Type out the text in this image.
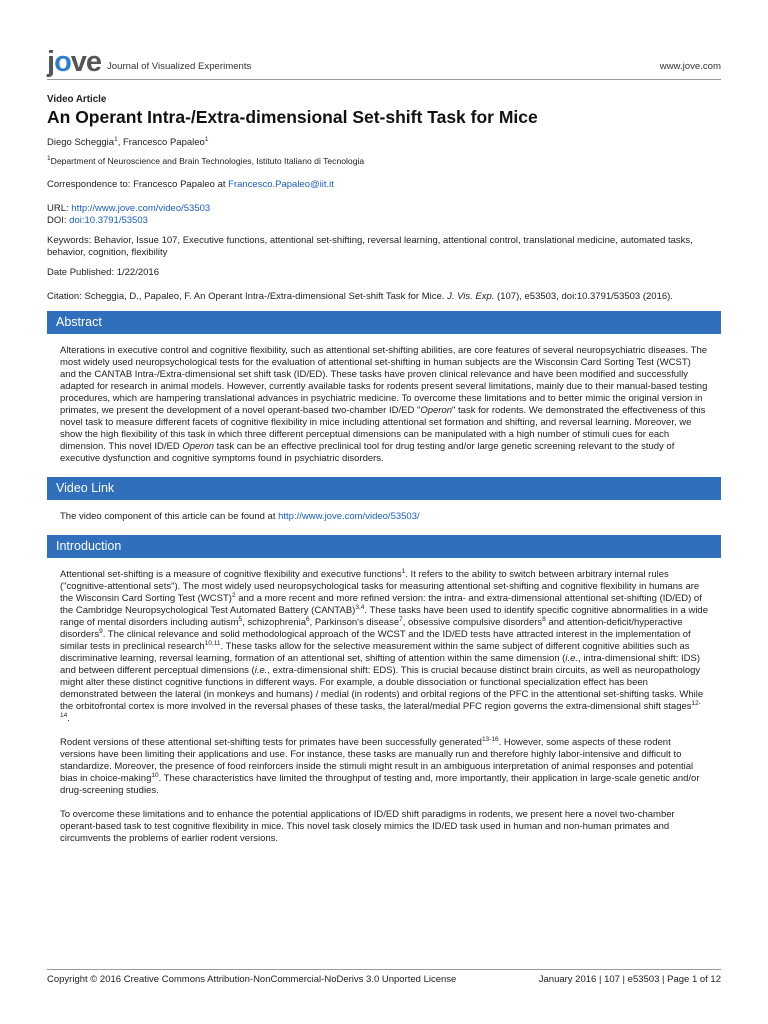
jove Journal of Visualized Experiments	www.jove.com
Video Article
An Operant Intra-/Extra-dimensional Set-shift Task for Mice

Diego Scheggia$^1$, Francesco Papaleo$^1$

$^1$Department of Neuroscience and Brain Technologies, Istituto Italiano di Tecnologia

Correspondence to: Francesco Papaleo at Francesco.Papaleo@iit.it

URL: http://www.jove.com/video/53503
DOI: doi:10.3791/53503

Keywords: Behavior, Issue 107, Executive functions, attentional set-shifting, reversal learning, attentional control, translational medicine, automated tasks, behavior, cognition, flexibility

Date Published: 1/22/2016

Citation: Scheggia, D., Papaleo, F. An Operant Intra-/Extra-dimensional Set-shift Task for Mice. J. Vis. Exp. (107), e53503, doi:10.3791/53503 (2016).

Abstract

Alterations in executive control and cognitive flexibility, such as attentional set-shifting abilities, are core features of several neuropsychiatric diseases. The most widely used neuropsychological tests for the evaluation of attentional set-shifting in human subjects are the Wisconsin Card Sorting Test (WCST) and the CANTAB Intra-/Extra-dimensional set shift task (ID/ED). These tasks have proven clinical relevance and have been modified and successfully adapted for research in animal models. However, currently available tasks for rodents present several limitations, mainly due to their manual-based testing procedures, which are hampering translational advances in psychiatric medicine. To overcome these limitations and to better mimic the original version in primates, we present the development of a novel operant-based two-chamber ID/ED "Operon" task for rodents. We demonstrated the effectiveness of this novel task to measure different facets of cognitive flexibility in mice including attentional set formation and shifting, and reversal learning. Moreover, we show the high flexibility of this task in which three different perceptual dimensions can be manipulated with a high number of stimuli cues for each dimension. This novel ID/ED Operon task can be an effective preclinical tool for drug testing and/or large genetic screening relevant to the study of executive dysfunction and cognitive symptoms found in psychiatric disorders.

Video Link

The video component of this article can be found at http://www.jove.com/video/53503/

Introduction

Attentional set-shifting is a measure of cognitive flexibility and executive functions$^1$. It refers to the ability to switch between arbitrary internal rules ("cognitive-attentional sets"). The most widely used neuropsychological tasks for measuring attentional set-shifting and cognitive flexibility in humans are the Wisconsin Card Sorting Test (WCST)$^2$ and a more recent and more refined version: the intra- and extra-dimensional attentional set-shifting (ID/ED) of the Cambridge Neuropsychological Test Automated Battery (CANTAB)$^{3,4}$. These tasks have been used to identify specific cognitive abnormalities in a wide range of mental disorders including autism$^5$, schizophrenia$^6$, Parkinson's disease$^7$, obsessive compulsive disorders$^8$ and attention-deficit/hyperactive disorders$^9$. The clinical relevance and solid methodological approach of the WCST and the ID/ED tests have attracted interest in the implementation of similar tests in preclinical research$^{10,11}$. These tasks allow for the selective measurement within the same subject of different cognitive abilities such as discriminative learning, reversal learning, formation of an attentional set, shifting of attention within the same dimension (i.e., intra-dimensional shift: IDS) and between different perceptual dimensions (i.e., extra-dimensional shift: EDS). This is crucial because distinct brain circuits, as well as neuropathology might alter these distinct cognitive functions in different ways. For example, a double dissociation or functional specialization effect has been demonstrated between the lateral (in monkeys and humans) / medial (in rodents) and orbital regions of the PFC in the attentional set-shifting tasks. While the orbitofrontal cortex is more involved in the reversal phases of these tasks, the lateral/medial PFC region governs the extra-dimensional shift stages$^{12-14}$.

Rodent versions of these attentional set-shifting tests for primates have been successfully generated$^{13-16}$. However, some aspects of these rodent versions have been limiting their applications and use. For instance, these tasks are manually run and therefore highly labor-intensive and difficult to standardize. Moreover, the presence of food reinforcers inside the stimuli might result in an ambiguous interpretation of animal responses and potential bias in choice-making$^{10}$. These characteristics have limited the throughput of testing and, more importantly, their application in large-scale genetic and/or drug-screening studies.

To overcome these limitations and to enhance the potential applications of ID/ED shift paradigms in rodents, we present here a novel two-chamber operant-based task to test cognitive flexibility in mice. This novel task closely mimics the ID/ED task used in human and non-human primates and circumvents the problems of earlier rodent versions.

Copyright © 2016 Creative Commons Attribution-NonCommercial-NoDerivs 3.0 Unported License	January 2016 | 107 | e53503 | Page 1 of 12
